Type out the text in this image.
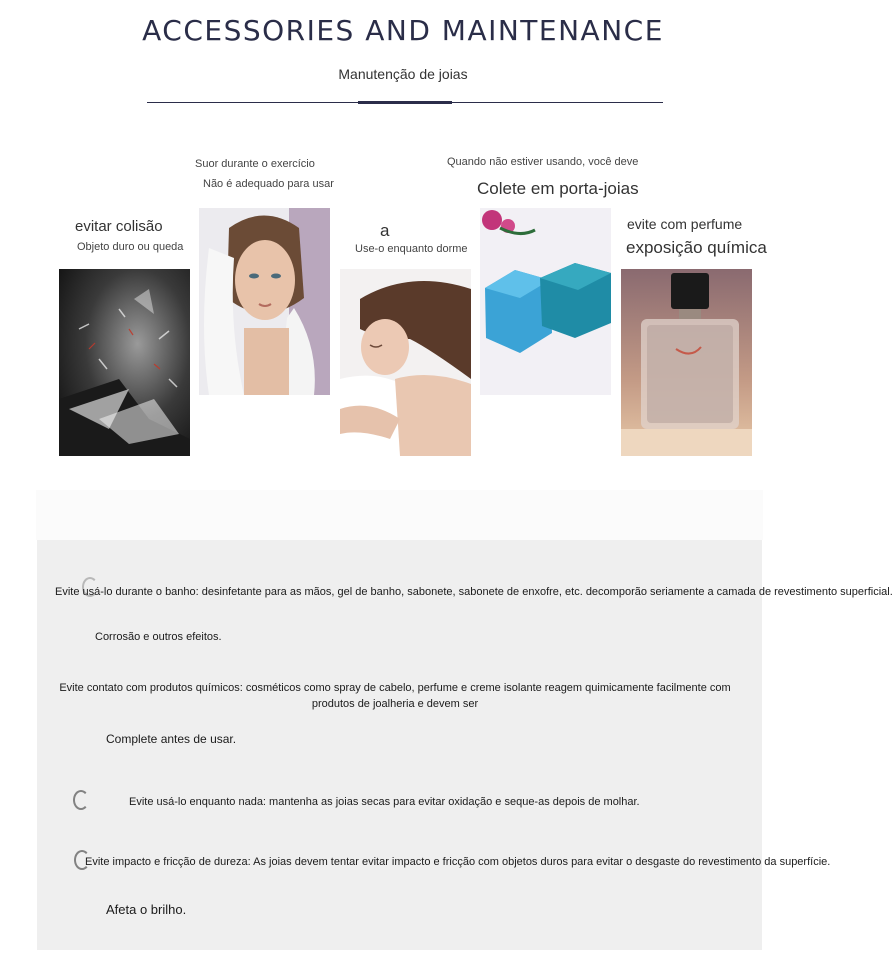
ACCESSORIES AND MAINTENANCE
Manutenção de joias
evitar colisão
Objeto duro ou queda
Suor durante o exercício
Não é adequado para usar
a
Use-o enquanto dorme
Quando não estiver usando, você deve
Colete em porta-joias
evite com perfume
exposição química
Evite usá-lo durante o banho: desinfetante para as mãos, gel de banho, sabonete, sabonete de enxofre, etc. decomporão seriamente a camada de revestimento superficial.
Corrosão e outros efeitos.
Evite contato com produtos químicos: cosméticos como spray de cabelo, perfume e creme isolante reagem quimicamente facilmente com produtos de joalheria e devem ser
Complete antes de usar.
Evite usá-lo enquanto nada: mantenha as joias secas para evitar oxidação e seque-as depois de molhar.
Evite impacto e fricção de dureza: As joias devem tentar evitar impacto e fricção com objetos duros para evitar o desgaste do revestimento da superfície.
Afeta o brilho.
